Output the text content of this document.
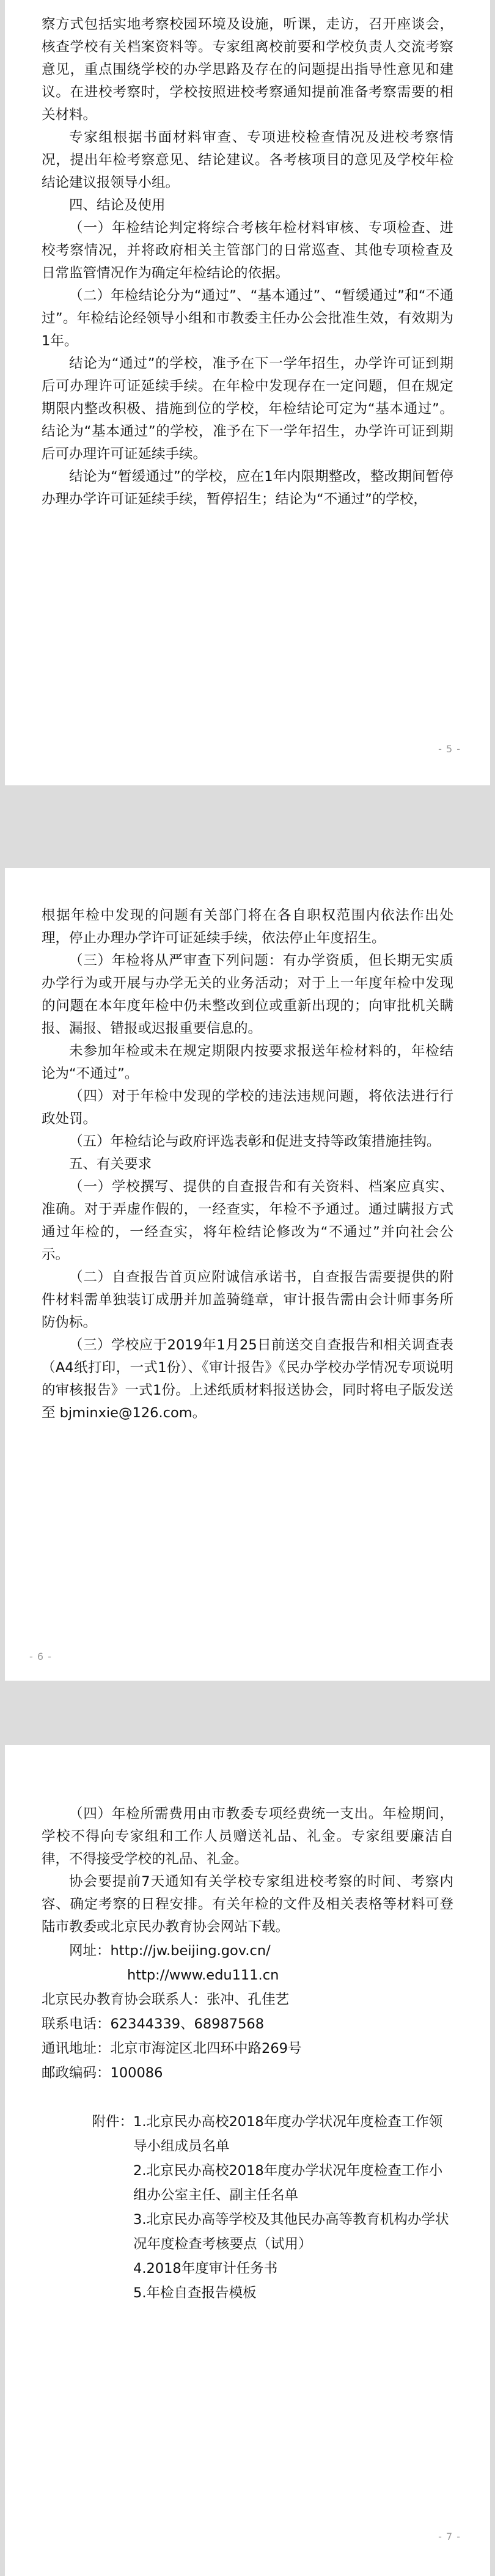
察方式包括实地考察校园环境及设施，听课，走访，召开座谈会，核查学校有关档案资料等。专家组离校前要和学校负责人交流考察意见，重点围绕学校的办学思路及存在的问题提出指导性意见和建议。在进校考察时，学校按照进校考察通知提前准备考察需要的相关材料。

专家组根据书面材料审查、专项进校检查情况及进校考察情况，提出年检考察意见、结论建议。各考核项目的意见及学校年检结论建议报领导小组。

四、结论及使用

（一）年检结论判定将综合考核年检材料审核、专项检查、进校考察情况，并将政府相关主管部门的日常巡查、其他专项检查及日常监管情况作为确定年检结论的依据。

（二）年检结论分为“通过”、“基本通过”、“暂缓通过”和“不通过”。年检结论经领导小组和市教委主任办公会批准生效，有效期为1年。

结论为“通过”的学校，准予在下一学年招生，办学许可证到期后可办理许可证延续手续。在年检中发现存在一定问题，但在规定期限内整改积极、措施到位的学校，年检结论可定为“基本通过”。结论为“基本通过”的学校，准予在下一学年招生，办学许可证到期后可办理许可证延续手续。

结论为“暂缓通过”的学校，应在1年内限期整改，整改期间暂停办理办学许可证延续手续，暂停招生；结论为“不通过”的学校，

- 5 -

根据年检中发现的问题有关部门将在各自职权范围内依法作出处理，停止办理办学许可证延续手续，依法停止年度招生。

（三）年检将从严审查下列问题：有办学资质，但长期无实质办学行为或开展与办学无关的业务活动；对于上一年度年检中发现的问题在本年度年检中仍未整改到位或重新出现的；向审批机关瞒报、漏报、错报或迟报重要信息的。

未参加年检或未在规定期限内按要求报送年检材料的，年检结论为“不通过”。

（四）对于年检中发现的学校的违法违规问题，将依法进行行政处罚。

（五）年检结论与政府评选表彰和促进支持等政策措施挂钩。

五、有关要求

（一）学校撰写、提供的自查报告和有关资料、档案应真实、准确。对于弄虚作假的，一经查实，年检不予通过。通过瞒报方式通过年检的，一经查实，将年检结论修改为“不通过”并向社会公示。

（二）自查报告首页应附诚信承诺书，自查报告需要提供的附件材料需单独装订成册并加盖骑缝章，审计报告需由会计师事务所防伪标。

（三）学校应于2019年1月25日前送交自查报告和相关调查表（A4纸打印，一式1份）、《审计报告》《民办学校办学情况专项说明的审核报告》一式1份。上述纸质材料报送协会，同时将电子版发送至 bjminxie@126.com。

- 6 -

（四）年检所需费用由市教委专项经费统一支出。年检期间，学校不得向专家组和工作人员赠送礼品、礼金。专家组要廉洁自律，不得接受学校的礼品、礼金。

协会要提前7天通知有关学校专家组进校考察的时间、考察内容、确定考察的日程安排。有关年检的文件及相关表格等材料可登陆市教委或北京民办教育协会网站下载。

网址：http://jw.beijing.gov.cn/
http://www.edu111.cn
北京民办教育协会联系人：张冲、孔佳艺
联系电话：62344339、68987568
通讯地址：北京市海淀区北四环中路269号
邮政编码：100086
附件： 1.北京民办高校2018年度办学状况年度检查工作领导小组成员名单
2.北京民办高校2018年度办学状况年度检查工作小组办公室主任、副主任名单
3.北京民办高等学校及其他民办高等教育机构办学状况年度检查考核要点（试用）
4.2018年度审计任务书
5.年检自查报告模板
- 7 -
